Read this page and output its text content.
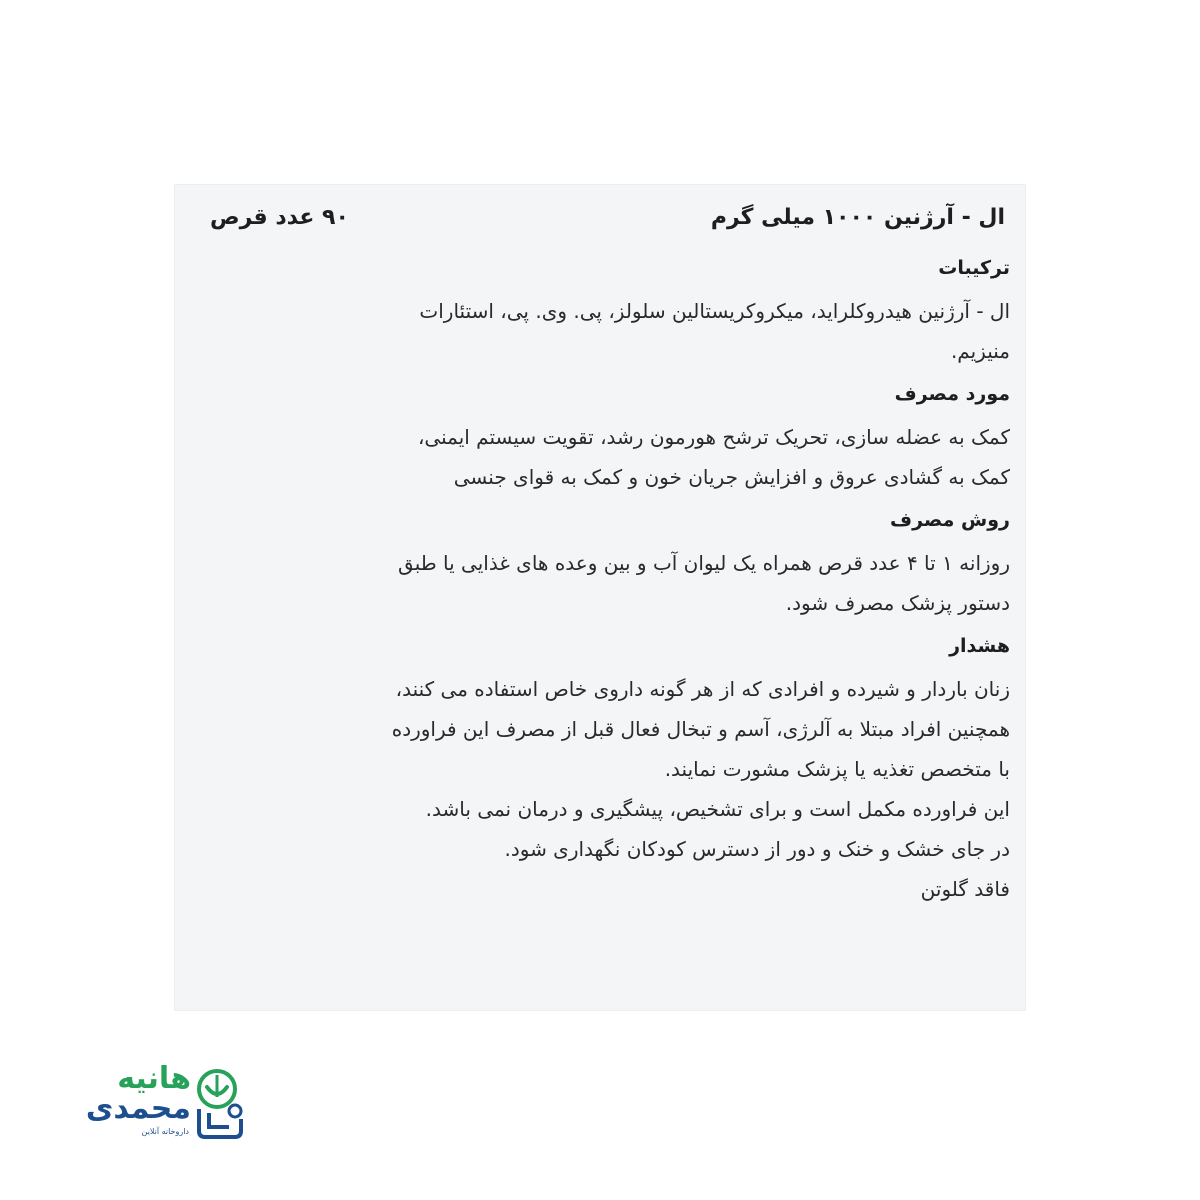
ال - آرژنین ۱۰۰۰ میلی گرم
۹۰ عدد قرص
ترکیبات
ال - آرژنین هیدروکلراید، میکروکریستالین سلولز، پی. وی. پی، استئارات
منیزیم.
مورد مصرف
کمک به عضله سازی، تحریک ترشح هورمون رشد، تقویت سیستم ایمنی،
کمک به گشادی عروق و افزایش جریان خون و کمک به قوای جنسی
روش مصرف
روزانه ۱ تا ۴ عدد قرص همراه یک لیوان آب و بین وعده های غذایی یا طبق
دستور پزشک مصرف شود.
هشدار
زنان باردار و شیرده و افرادی که از هر گونه داروی خاص استفاده می کنند،
همچنین افراد مبتلا به آلرژی، آسم و تبخال فعال قبل از مصرف این فراورده
با متخصص تغذیه یا پزشک مشورت نمایند.
این فراورده مکمل است و برای تشخیص، پیشگیری و درمان نمی باشد.
در جای خشک و خنک و دور از دسترس کودکان نگهداری شود.
فاقد گلوتن
هانیه
محمدی
داروخانه آنلاین
